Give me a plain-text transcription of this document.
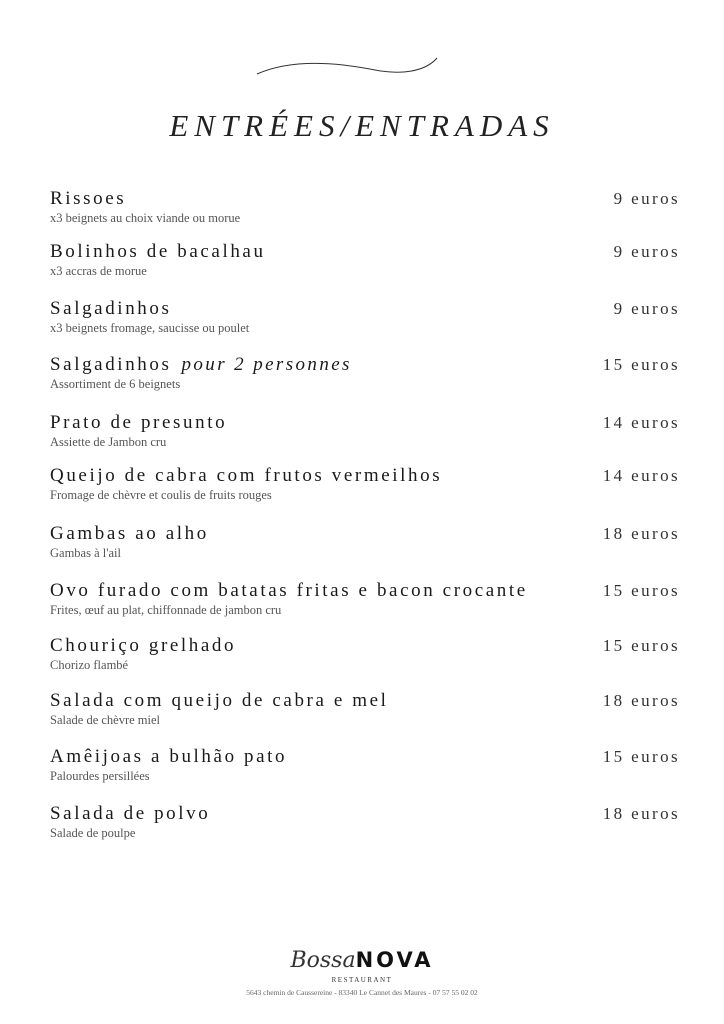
ENTRÉES/ENTRADAS
Rissoes
x3 beignets au choix viande ou morue
9 euros
Bolinhos de bacalhau
x3 accras de morue
9 euros
Salgadinhos
x3 beignets fromage, saucisse ou poulet
9 euros
Salgadinhos pour 2 personnes
Assortiment de 6 beignets
15 euros
Prato de presunto
Assiette de Jambon cru
14 euros
Queijo de cabra com frutos vermeilhos
Fromage de chèvre et coulis de fruits rouges
14 euros
Gambas ao alho
Gambas à l'ail
18 euros
Ovo furado com batatas fritas e bacon crocante
Frites, œuf au plat, chiffonnade de jambon cru
15 euros
Chouriço grelhado
Chorizo flambé
15 euros
Salada com queijo de cabra e mel
Salade de chèvre miel
18 euros
Amêijoas a bulhão pato
Palourdes persillées
15 euros
Salada de polvo
Salade de poulpe
18 euros
BossaNOVA
RESTAURANT
5643 chemin de Caussereine - 83340 Le Cannet des Maures - 07 57 55 02 02
